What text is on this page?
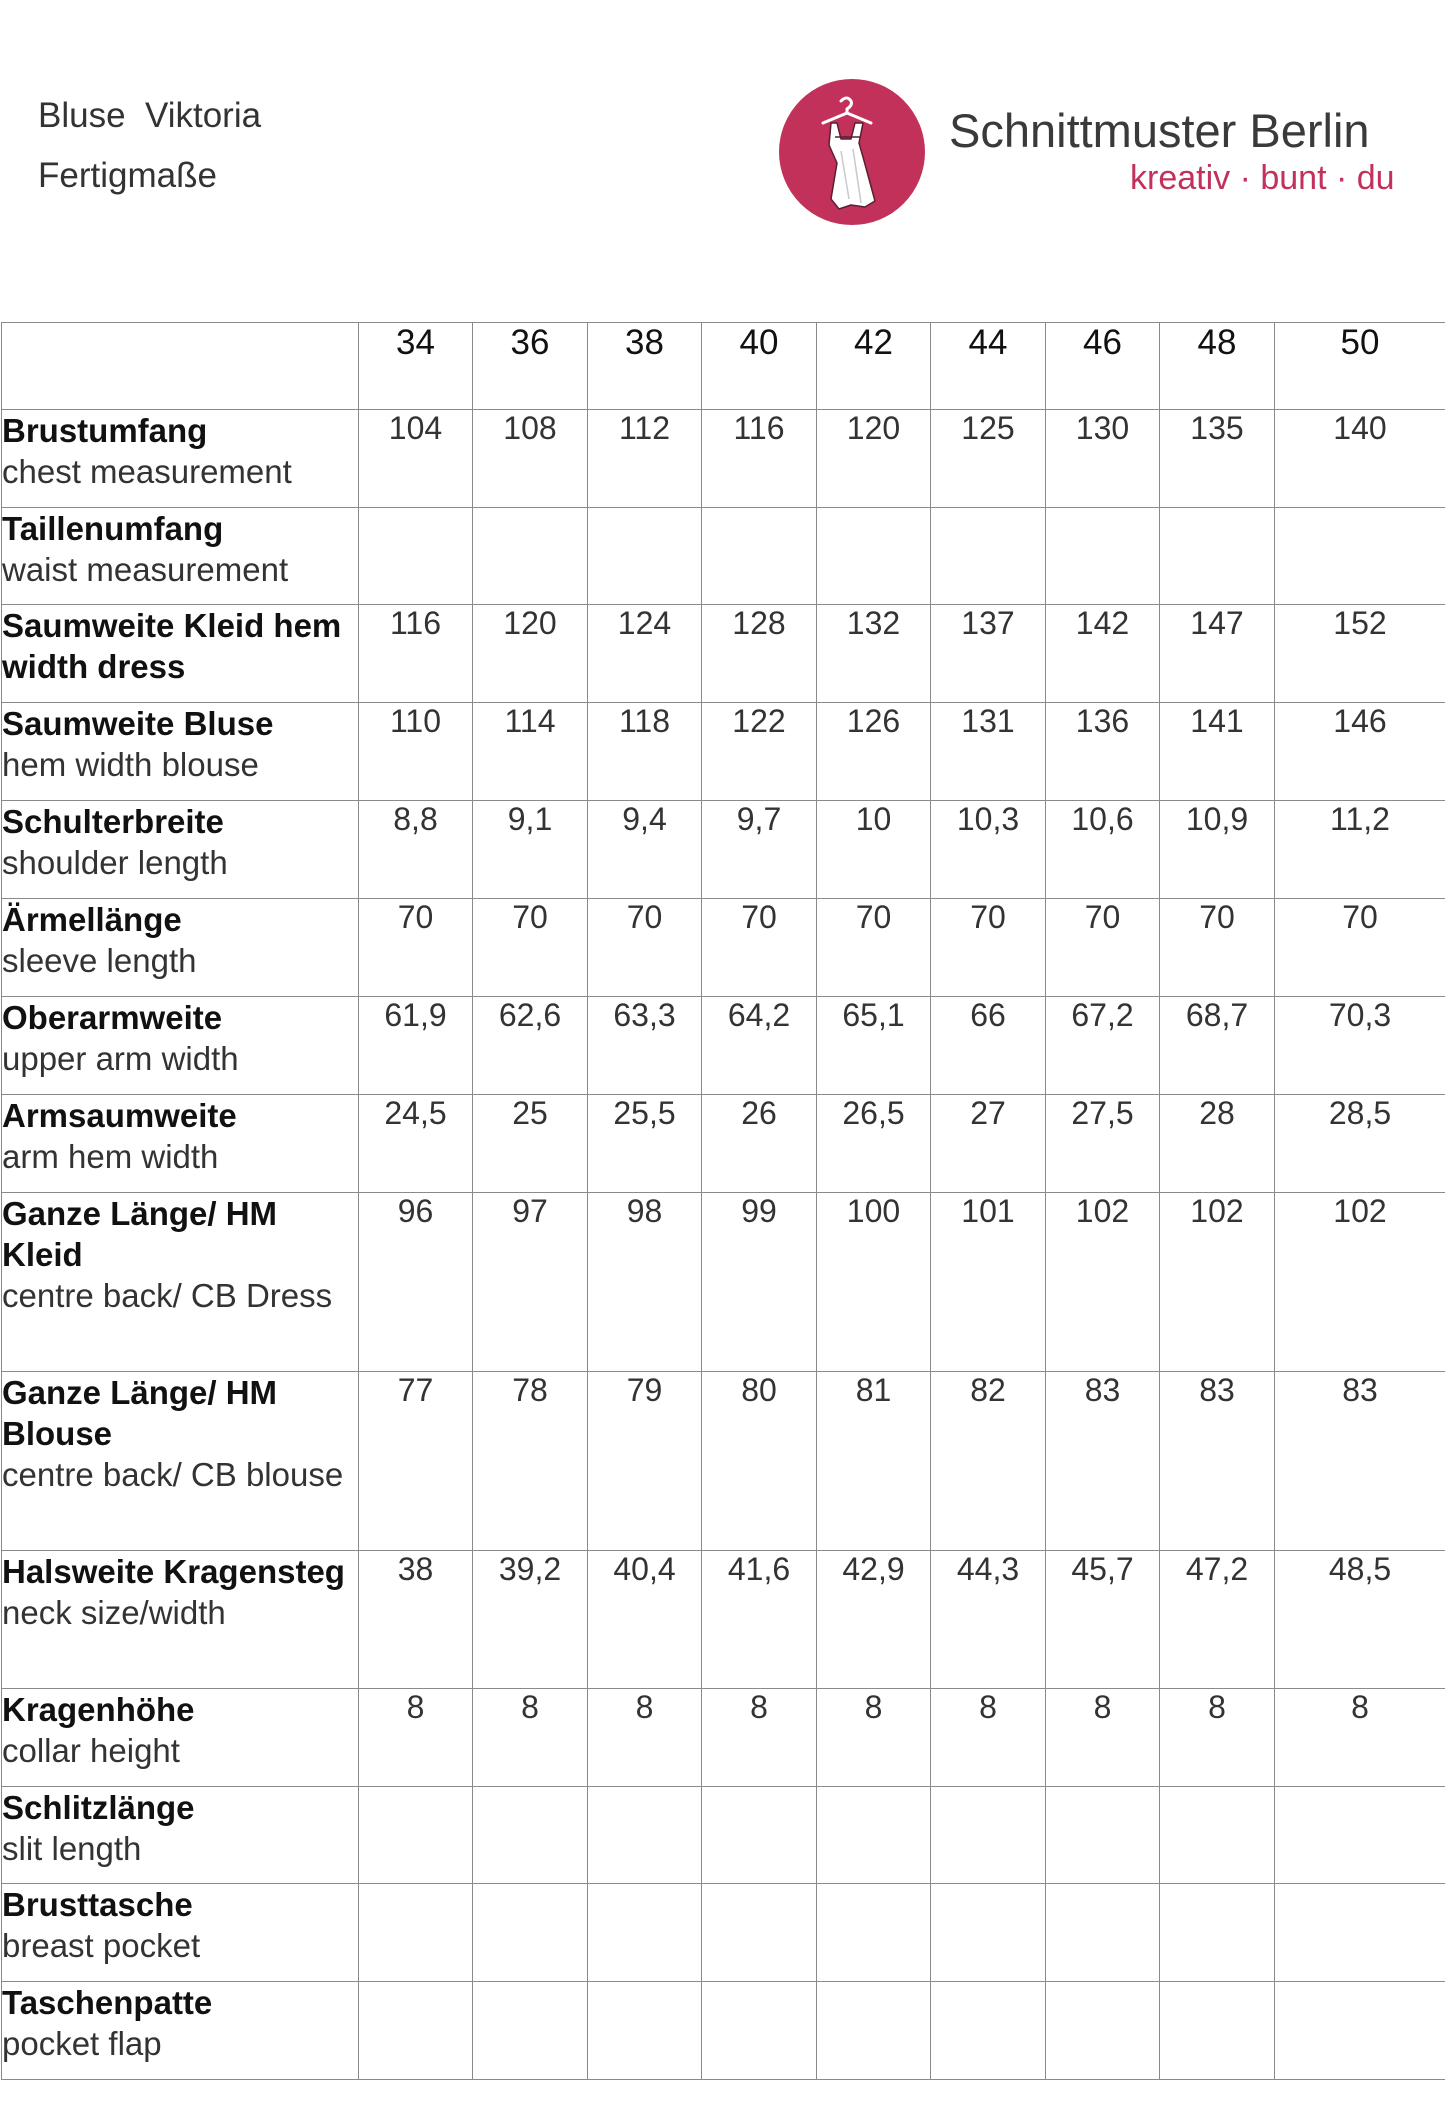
Bluse  Viktoria
Fertigmaße
Schnittmuster Berlin
kreativ · bunt · du
	34	36	38	40	42	44	46	48	50

Brustumfang
chest measurement	104	108	112	116	120	125	130	135	140

Taillenumfang
waist measurement									

Saumweite Kleid hem width dress	116	120	124	128	132	137	142	147	152

Saumweite Bluse
hem width blouse	110	114	118	122	126	131	136	141	146

Schulterbreite
shoulder length	8,8	9,1	9,4	9,7	10	10,3	10,6	10,9	11,2

Ärmellänge
sleeve length	70	70	70	70	70	70	70	70	70

Oberarmweite
upper arm width	61,9	62,6	63,3	64,2	65,1	66	67,2	68,7	70,3

Armsaumweite
arm hem width	24,5	25	25,5	26	26,5	27	27,5	28	28,5

Ganze Länge/ HM Kleid
centre back/ CB Dress	96	97	98	99	100	101	102	102	102

Ganze Länge/ HM Blouse
centre back/ CB blouse	77	78	79	80	81	82	83	83	83

Halsweite Kragensteg
neck size/width	38	39,2	40,4	41,6	42,9	44,3	45,7	47,2	48,5

Kragenhöhe
collar height	8	8	8	8	8	8	8	8	8

Schlitzlänge
slit length									

Brusttasche
breast pocket									

Taschenpatte
pocket flap									
